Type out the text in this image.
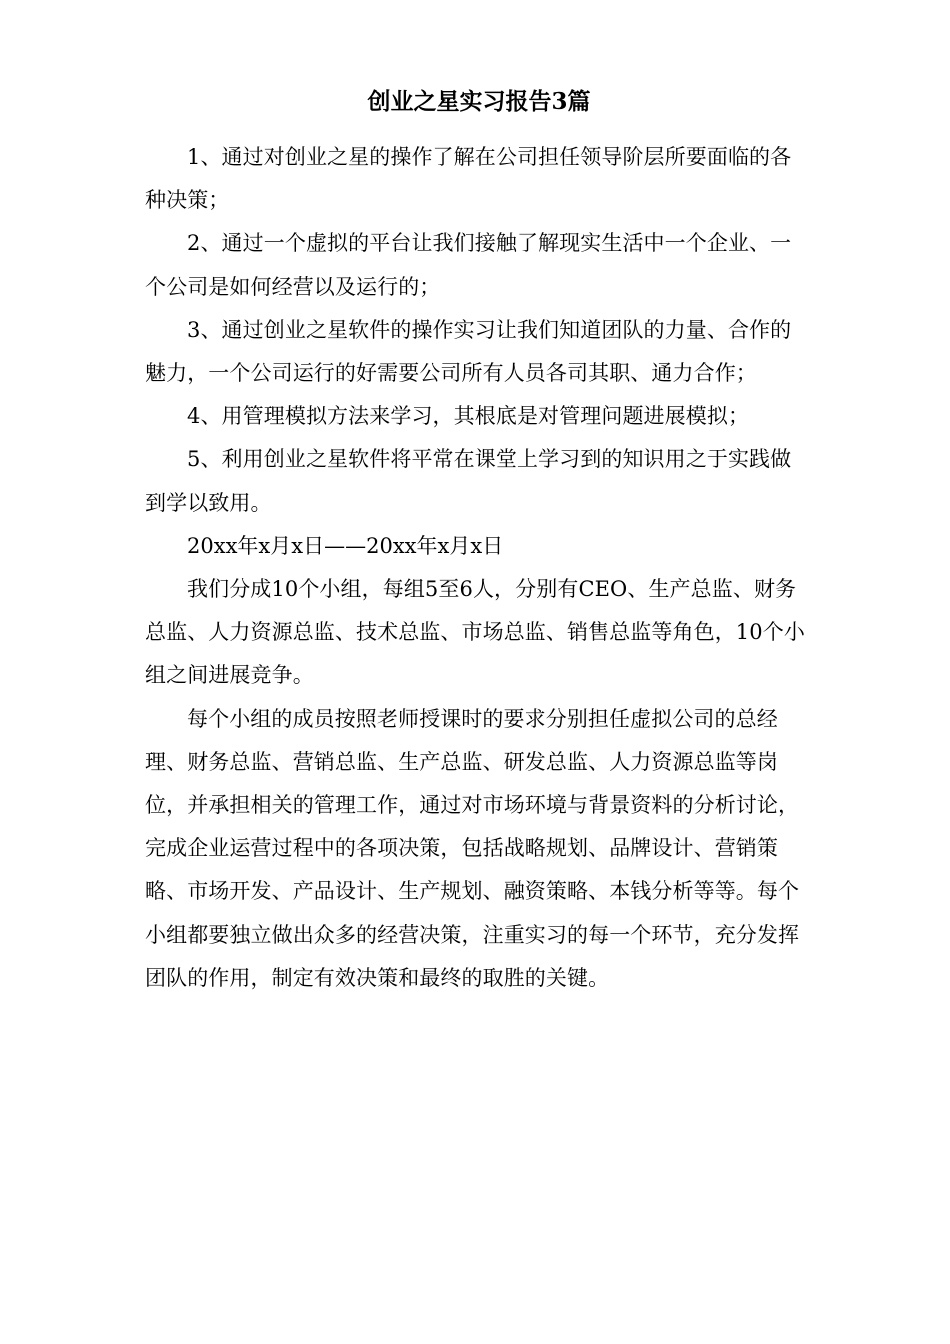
创业之星实习报告3篇

1、通过对创业之星的操作了解在公司担任领导阶层所要面临的各种决策；

2、通过一个虚拟的平台让我们接触了解现实生活中一个企业、一个公司是如何经营以及运行的；

3、通过创业之星软件的操作实习让我们知道团队的力量、合作的魅力，一个公司运行的好需要公司所有人员各司其职、通力合作；

4、用管理模拟方法来学习，其根底是对管理问题进展模拟；

5、利用创业之星软件将平常在课堂上学习到的知识用之于实践做到学以致用。

20xx年x月x日——20xx年x月x日

我们分成10个小组，每组5至6人，分别有CEO、生产总监、财务总监、人力资源总监、技术总监、市场总监、销售总监等角色，10个小组之间进展竞争。

每个小组的成员按照老师授课时的要求分别担任虚拟公司的总经理、财务总监、营销总监、生产总监、研发总监、人力资源总监等岗位，并承担相关的管理工作，通过对市场环境与背景资料的分析讨论，完成企业运营过程中的各项决策，包括战略规划、品牌设计、营销策略、市场开发、产品设计、生产规划、融资策略、本钱分析等等。每个小组都要独立做出众多的经营决策，注重实习的每一个环节，充分发挥团队的作用，制定有效决策和最终的取胜的关键。
